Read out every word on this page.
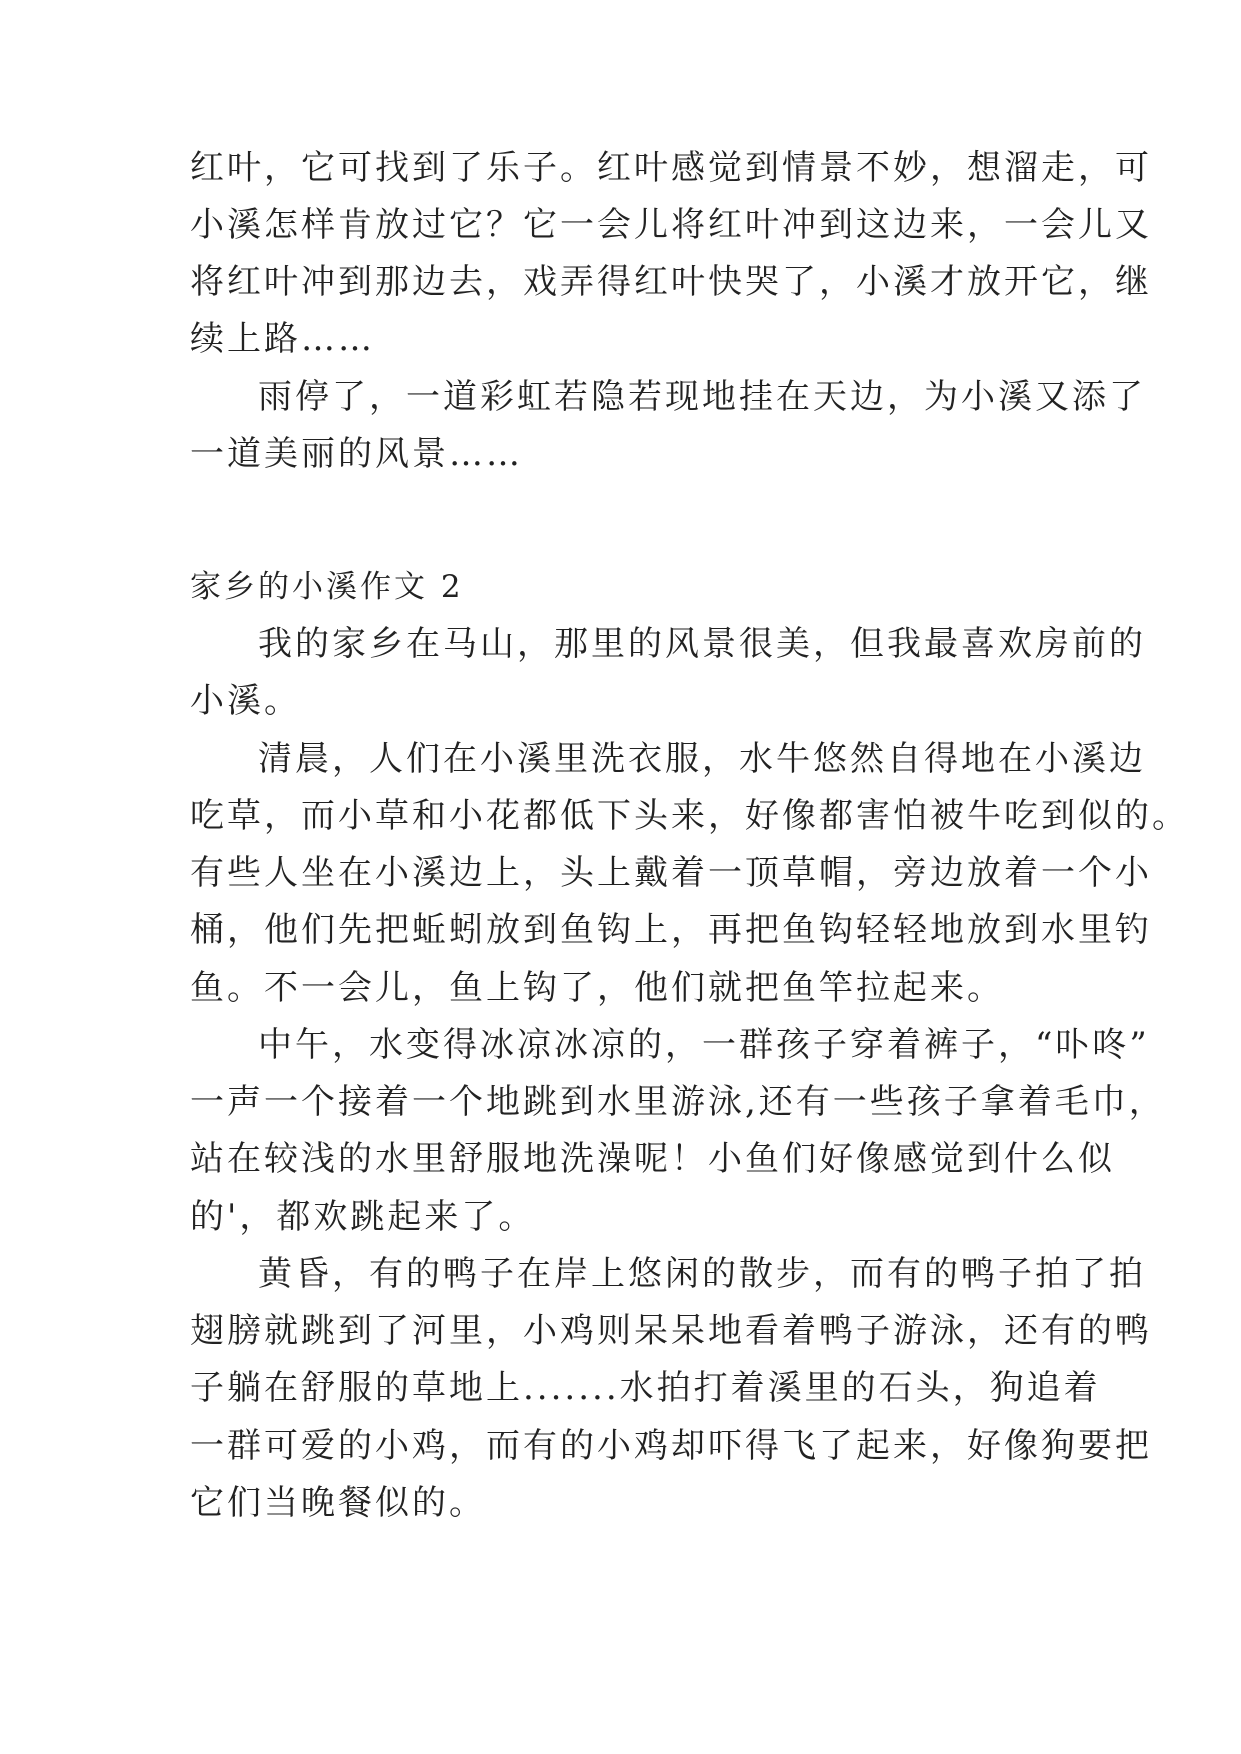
红叶，它可找到了乐子。红叶感觉到情景不妙，想溜走，可
小溪怎样肯放过它？它一会儿将红叶冲到这边来，一会儿又
将红叶冲到那边去，戏弄得红叶快哭了，小溪才放开它，继
续上路……
雨停了，一道彩虹若隐若现地挂在天边，为小溪又添了
一道美丽的风景……
家乡的小溪作文 2
我的家乡在马山，那里的风景很美，但我最喜欢房前的
小溪。
清晨，人们在小溪里洗衣服，水牛悠然自得地在小溪边
吃草，而小草和小花都低下头来，好像都害怕被牛吃到似的。
有些人坐在小溪边上，头上戴着一顶草帽，旁边放着一个小
桶，他们先把蚯蚓放到鱼钩上，再把鱼钩轻轻地放到水里钓
鱼。不一会儿，鱼上钩了，他们就把鱼竿拉起来。
中午，水变得冰凉冰凉的，一群孩子穿着裤子，“卟咚”
一声一个接着一个地跳到水里游泳,还有一些孩子拿着毛巾，
站在较浅的水里舒服地洗澡呢！小鱼们好像感觉到什么似
的'，都欢跳起来了。
黄昏，有的鸭子在岸上悠闲的散步，而有的鸭子拍了拍
翅膀就跳到了河里，小鸡则呆呆地看着鸭子游泳，还有的鸭
子躺在舒服的草地上.......水拍打着溪里的石头，狗追着
一群可爱的小鸡，而有的小鸡却吓得飞了起来，好像狗要把
它们当晚餐似的。
